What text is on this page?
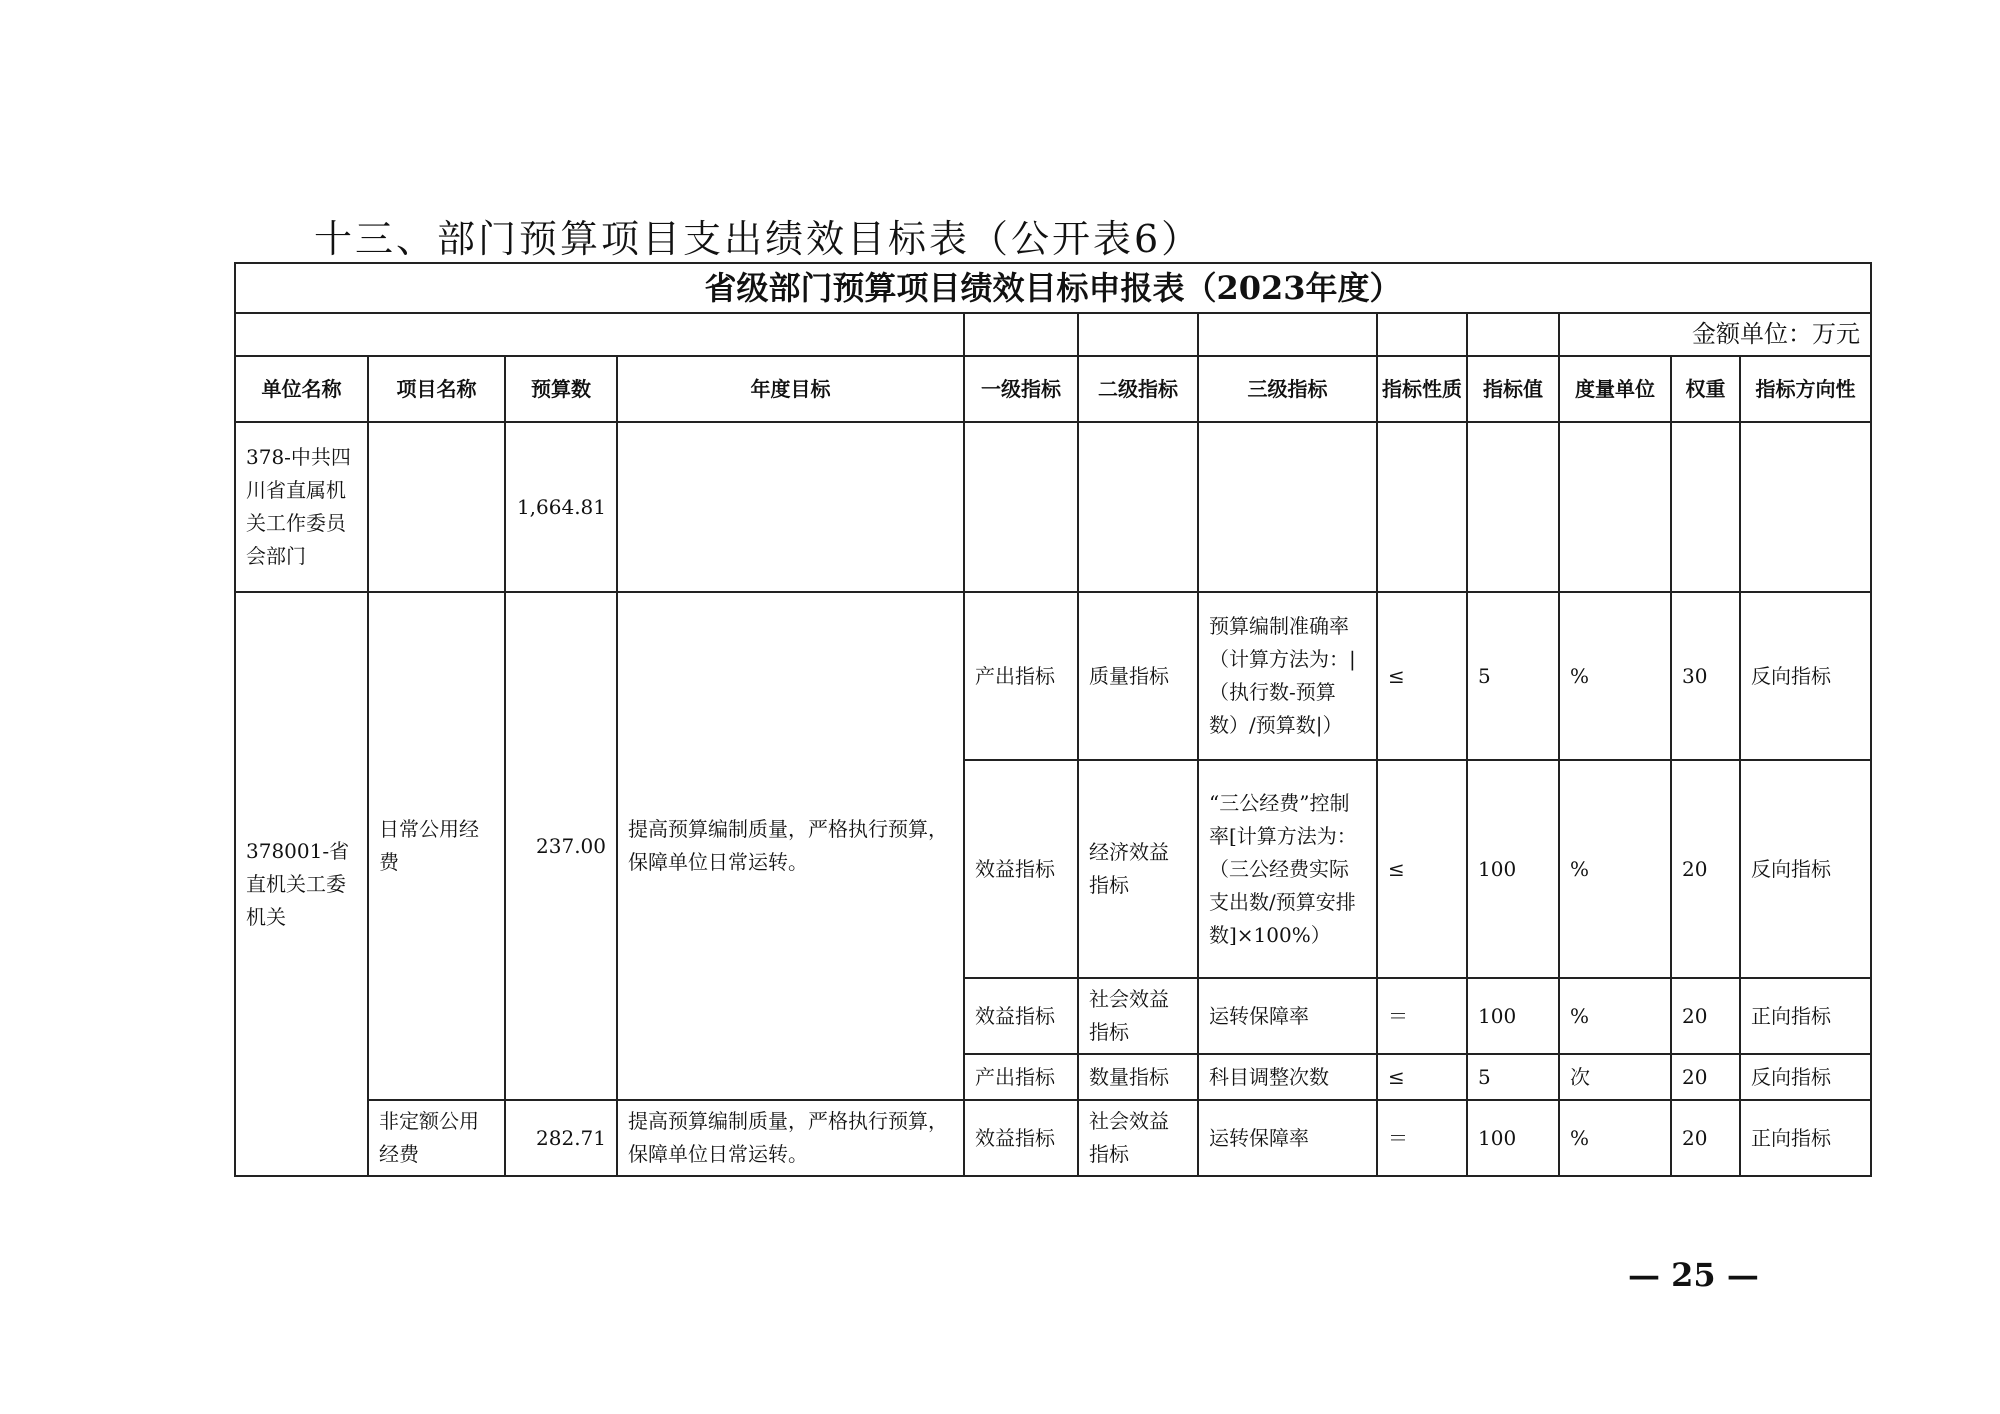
十三、部门预算项目支出绩效目标表（公开表6）
省级部门预算项目绩效目标申报表（2023年度）											
									金额单位：万元		
单位名称	项目名称	预算数	年度目标	一级指标	二级指标	三级指标	指标性质	指标值	度量单位	权重	指标方向性
378-中共四川省直属机关工作委员会部门		1,664.81									
378001-省直机关工委机关	日常公用经费	237.00	提高预算编制质量，严格执行预算，保障单位日常运转。	产出指标	质量指标	预算编制准确率（计算方法为：|（执行数-预算数）/预算数|）	≤	5	%	30	反向指标
				效益指标	经济效益指标	“三公经费”控制率[计算方法为：（三公经费实际支出数/预算安排数]×100%）	≤	100	%	20	反向指标
				效益指标	社会效益指标	运转保障率	＝	100	%	20	正向指标
				产出指标	数量指标	科目调整次数	≤	5	次	20	反向指标
	非定额公用经费	282.71	提高预算编制质量，严格执行预算，保障单位日常运转。	效益指标	社会效益指标	运转保障率	＝	100	%	20	正向指标
— 25 —
